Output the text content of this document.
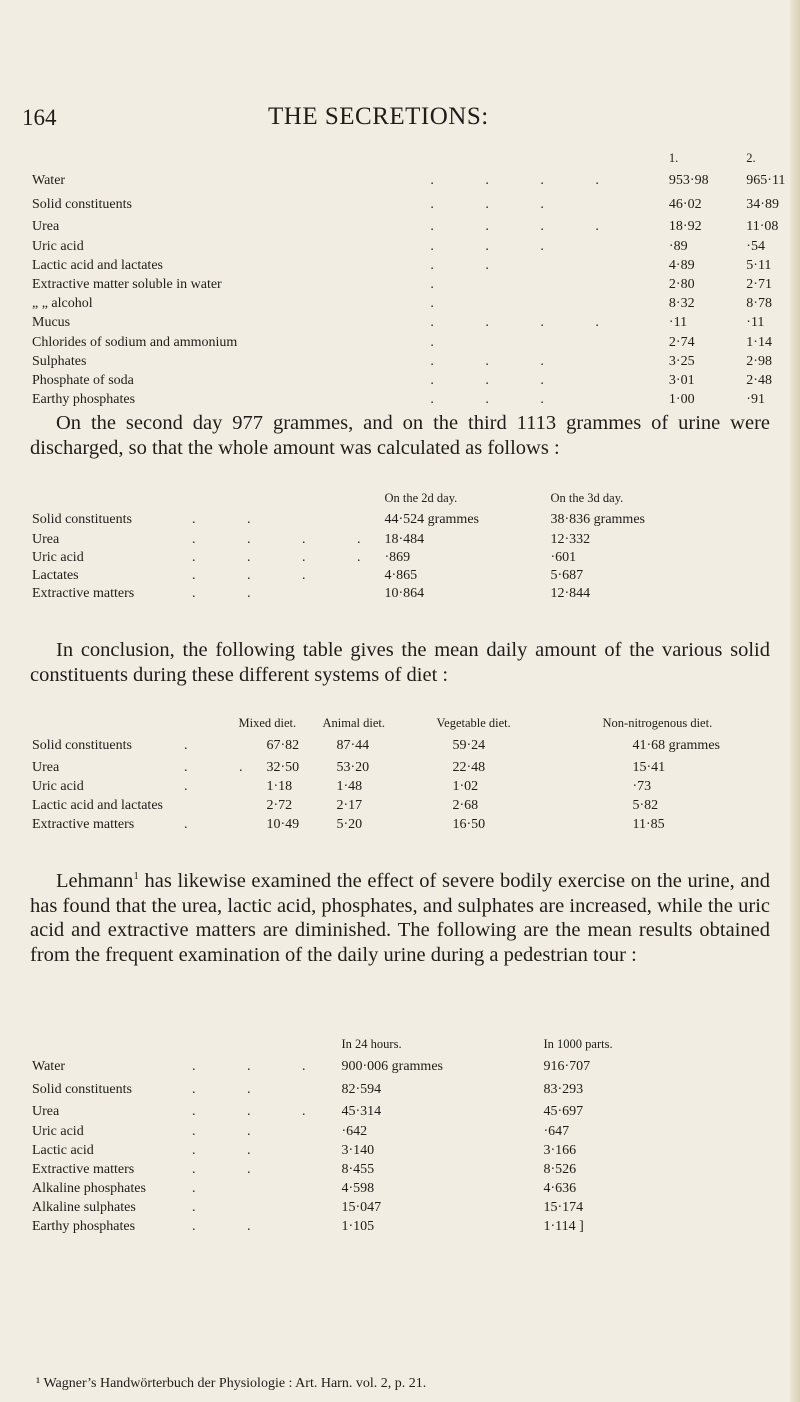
164	THE SECRETIONS:
		1.	2.
Water	. . . .	953·98	965·11
Solid constituents	. . .	46·02	34·89
Urea	. . . .	18·92	11·08
Uric acid	. . .	·89	·54
Lactic acid and lactates	. .	4·89	5·11
Extractive matter soluble in water	.	2·80	2·71
„ „ alcohol	.	8·32	8·78
Mucus	. . . .	·11	·11
Chlorides of sodium and ammonium	.	2·74	1·14
Sulphates	. . .	3·25	2·98
Phosphate of soda	. . .	3·01	2·48
Earthy phosphates	. . .	1·00	·91

On the second day 977 grammes, and on the third 1113 grammes of urine were discharged, so that the whole amount was calculated as follows :

		On the 2d day.	On the 3d day.
Solid constituents	. .	44·524 grammes	38·836 grammes
Urea	. . . .	18·484	12·332
Uric acid	. . . .	·869	·601
Lactates	. . .	4·865	5·687
Extractive matters	. .	10·864	12·844

In conclusion, the following table gives the mean daily amount of the various solid constituents during these different systems of diet :

		Mixed diet.	Animal diet.	Vegetable diet.	Non-nitrogenous diet.
Solid constituents	.	67·82	87·44	59·24	41·68 grammes
Urea	. .	32·50	53·20	22·48	15·41
Uric acid	.	1·18	1·48	1·02	·73
Lactic acid and lactates		2·72	2·17	2·68	5·82
Extractive matters	.	10·49	5·20	16·50	11·85

Lehmann$^1$ has likewise examined the effect of severe bodily exercise on the urine, and has found that the urea, lactic acid, phosphates, and sulphates are increased, while the uric acid and extractive matters are diminished. The following are the mean results obtained from the frequent examination of the daily urine during a pedestrian tour :

		In 24 hours.	In 1000 parts.
Water	. . .	900·006 grammes	916·707
Solid constituents	. .	82·594	83·293
Urea	. . .	45·314	45·697
Uric acid	. .	·642	·647
Lactic acid	. .	3·140	3·166
Extractive matters	. .	8·455	8·526
Alkaline phosphates	.	4·598	4·636
Alkaline sulphates	.	15·047	15·174
Earthy phosphates	. .	1·105	1·114 ]
¹ Wagner’s Handwörterbuch der Physiologie : Art. Harn. vol. 2, p. 21.
